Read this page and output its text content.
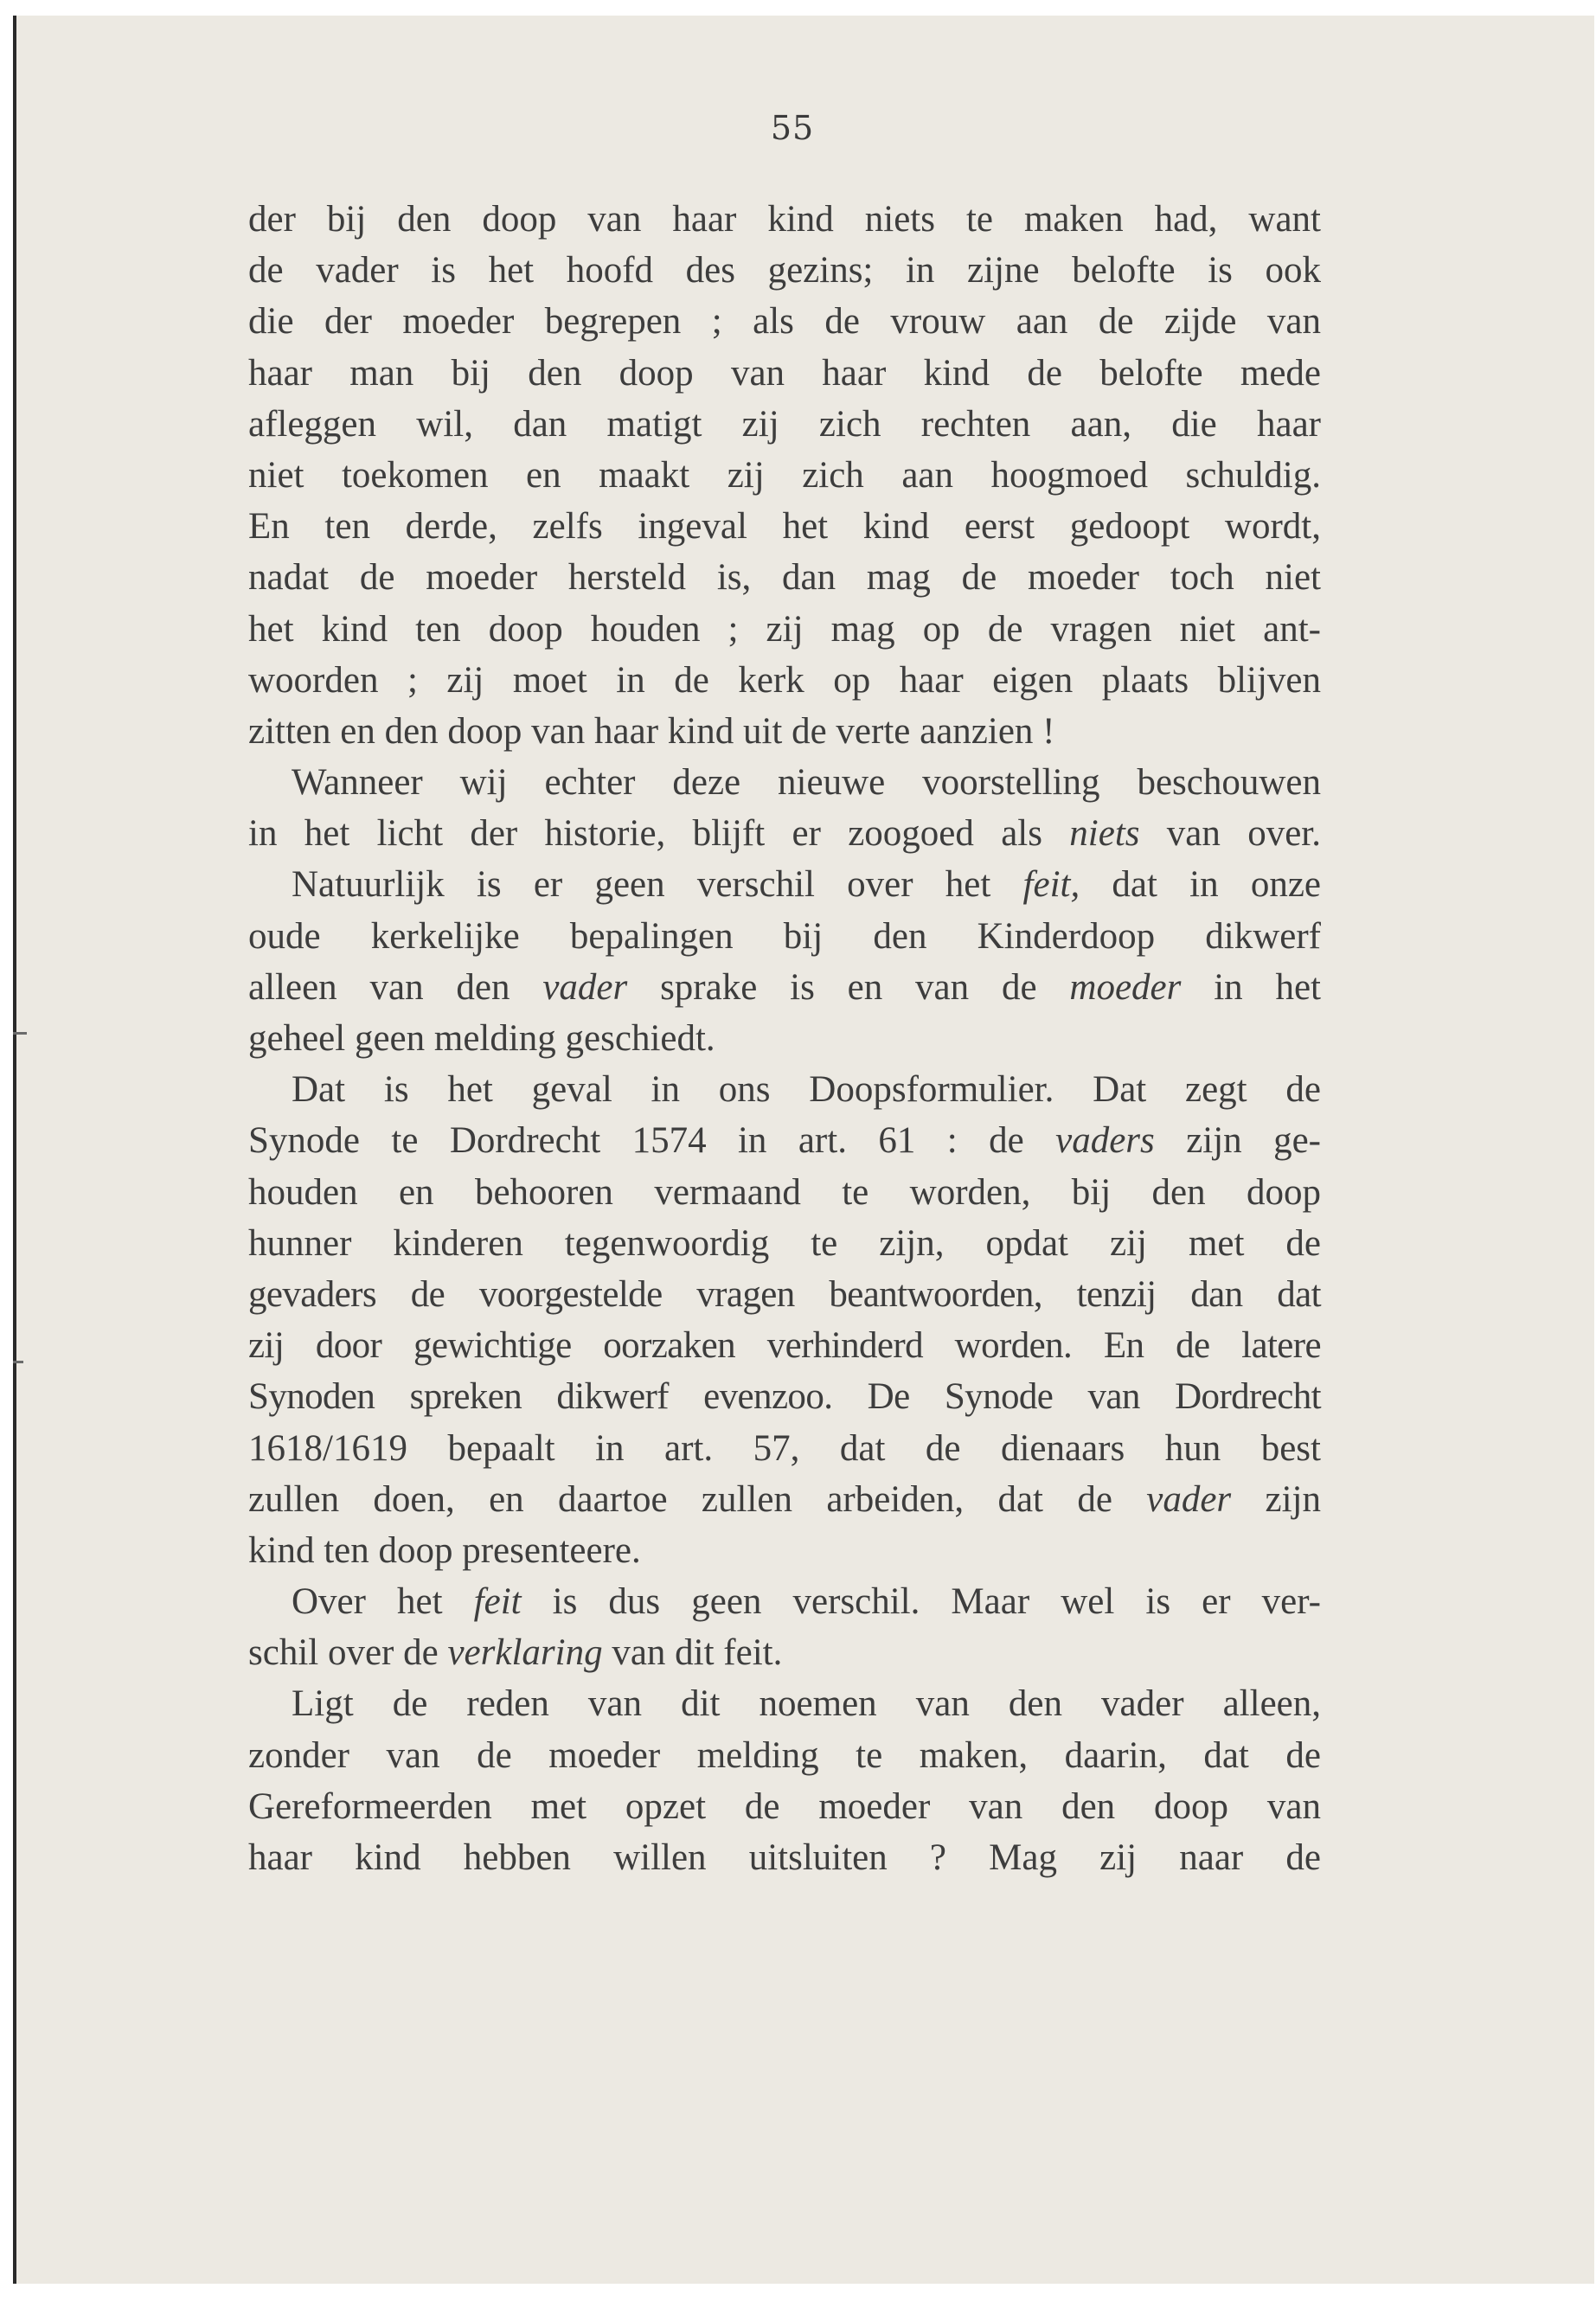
55
der bij den doop van haar kind niets te maken had, want
de vader is het hoofd des gezins; in zijne belofte is ook
die der moeder begrepen ; als de vrouw aan de zijde van
haar man bij den doop van haar kind de belofte mede
afleggen wil, dan matigt zij zich rechten aan, die haar
niet toekomen en maakt zij zich aan hoogmoed schuldig.
En ten derde, zelfs ingeval het kind eerst gedoopt wordt,
nadat de moeder hersteld is, dan mag de moeder toch niet
het kind ten doop houden ; zij mag op de vragen niet ant-
woorden ; zij moet in de kerk op haar eigen plaats blijven
zitten en den doop van haar kind uit de verte aanzien !
Wanneer wij echter deze nieuwe voorstelling beschouwen
in het licht der historie, blijft er zoogoed als niets van over.
Natuurlijk is er geen verschil over het feit, dat in onze
oude kerkelijke bepalingen bij den Kinderdoop dikwerf
alleen van den vader sprake is en van de moeder in het
geheel geen melding geschiedt.
Dat is het geval in ons Doopsformulier. Dat zegt de
Synode te Dordrecht 1574 in art. 61 : de vaders zijn ge-
houden en behooren vermaand te worden, bij den doop
hunner kinderen tegenwoordig te zijn, opdat zij met de
gevaders de voorgestelde vragen beantwoorden, tenzij dan dat
zij door gewichtige oorzaken verhinderd worden. En de latere
Synoden spreken dikwerf evenzoo. De Synode van Dordrecht
1618/1619 bepaalt in art. 57, dat de dienaars hun best
zullen doen, en daartoe zullen arbeiden, dat de vader zijn
kind ten doop presenteere.
Over het feit is dus geen verschil. Maar wel is er ver-
schil over de verklaring van dit feit.
Ligt de reden van dit noemen van den vader alleen,
zonder van de moeder melding te maken, daarin, dat de
Gereformeerden met opzet de moeder van den doop van
haar kind hebben willen uitsluiten ? Mag zij naar de
